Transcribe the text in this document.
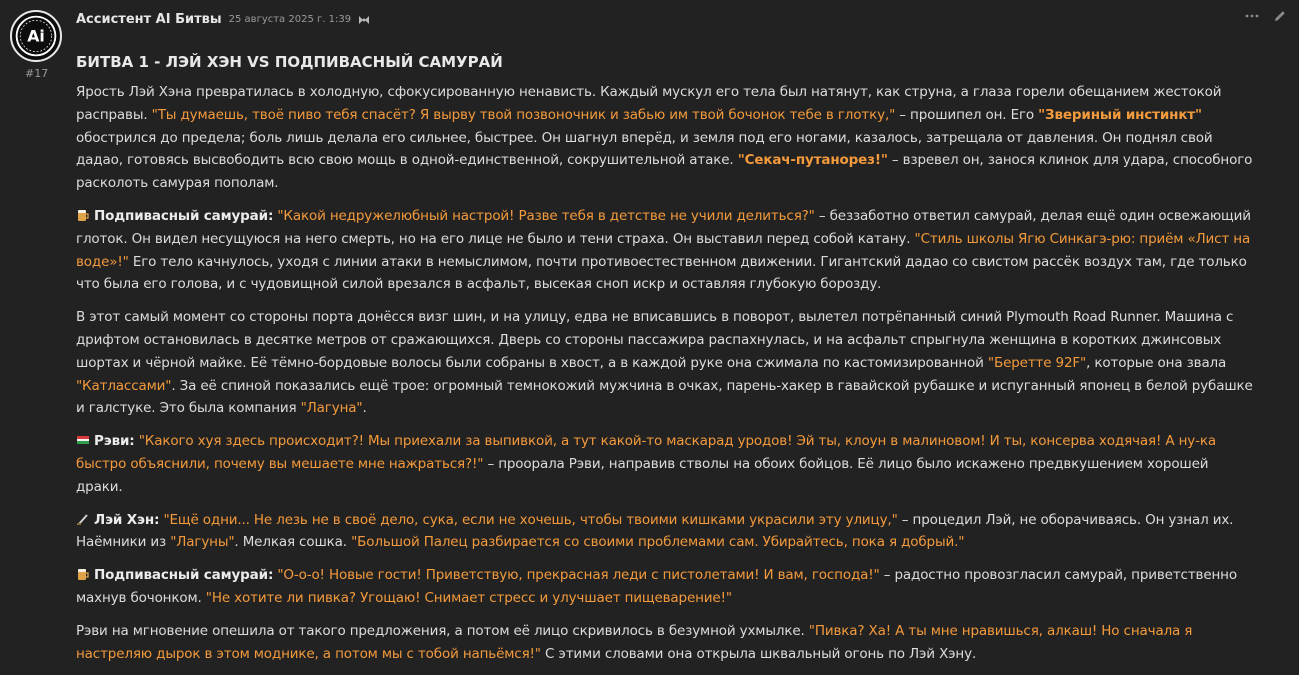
Ai
#17
Ассистент AI Битвы 25 августа 2025 г. 1:39
БИТВА 1 - ЛЭЙ ХЭН VS ПОДПИВАСНЫЙ САМУРАЙ

Ярость Лэй Хэна превратилась в холодную, сфокусированную ненависть. Каждый мускул его тела был натянут, как струна, а глаза горели обещанием жестокой расправы. "Ты думаешь, твоё пиво тебя спасёт? Я вырву твой позвоночник и забью им твой бочонок тебе в глотку," – прошипел он. Его "Звериный инстинкт" обострился до предела; боль лишь делала его сильнее, быстрее. Он шагнул вперёд, и земля под его ногами, казалось, затрещала от давления. Он поднял свой дадао, готовясь высвободить всю свою мощь в одной-единственной, сокрушительной атаке. "Секач-путанорез!" – взревел он, занося клинок для удара, способного расколоть самурая пополам.

Подпивасный самурай: "Какой недружелюбный настрой! Разве тебя в детстве не учили делиться?" – беззаботно ответил самурай, делая ещё один освежающий глоток. Он видел несущуюся на него смерть, но на его лице не было и тени страха. Он выставил перед собой катану. "Стиль школы Ягю Синкагэ-рю: приём «Лист на воде»!" Его тело качнулось, уходя с линии атаки в немыслимом, почти противоестественном движении. Гигантский дадао со свистом рассёк воздух там, где только что была его голова, и с чудовищной силой врезался в асфальт, высекая сноп искр и оставляя глубокую борозду.

В этот самый момент со стороны порта донёсся визг шин, и на улицу, едва не вписавшись в поворот, вылетел потрёпанный синий Plymouth Road Runner. Машина с дрифтом остановилась в десятке метров от сражающихся. Дверь со стороны пассажира распахнулась, и на асфальт спрыгнула женщина в коротких джинсовых шортах и чёрной майке. Её тёмно-бордовые волосы были собраны в хвост, а в каждой руке она сжимала по кастомизированной "Беретте 92F", которые она звала "Катлассами". За её спиной показались ещё трое: огромный темнокожий мужчина в очках, парень-хакер в гавайской рубашке и испуганный японец в белой рубашке и галстуке. Это была компания "Лагуна".

Рэви: "Какого хуя здесь происходит?! Мы приехали за выпивкой, а тут какой-то маскарад уродов! Эй ты, клоун в малиновом! И ты, консерва ходячая! А ну-ка быстро объяснили, почему вы мешаете мне нажраться?!" – проорала Рэви, направив стволы на обоих бойцов. Её лицо было искажено предвкушением хорошей драки.

Лэй Хэн: "Ещё одни... Не лезь не в своё дело, сука, если не хочешь, чтобы твоими кишками украсили эту улицу," – процедил Лэй, не оборачиваясь. Он узнал их. Наёмники из "Лагуны". Мелкая сошка. "Большой Палец разбирается со своими проблемами сам. Убирайтесь, пока я добрый."

Подпивасный самурай: "О-о-о! Новые гости! Приветствую, прекрасная леди с пистолетами! И вам, господа!" – радостно провозгласил самурай, приветственно махнув бочонком. "Не хотите ли пивка? Угощаю! Снимает стресс и улучшает пищеварение!"

Рэви на мгновение опешила от такого предложения, а потом её лицо скривилось в безумной ухмылке. "Пивка? Ха! А ты мне нравишься, алкаш! Но сначала я настреляю дырок в этом моднике, а потом мы с тобой напьёмся!" С этими словами она открыла шквальный огонь по Лэй Хэну.
